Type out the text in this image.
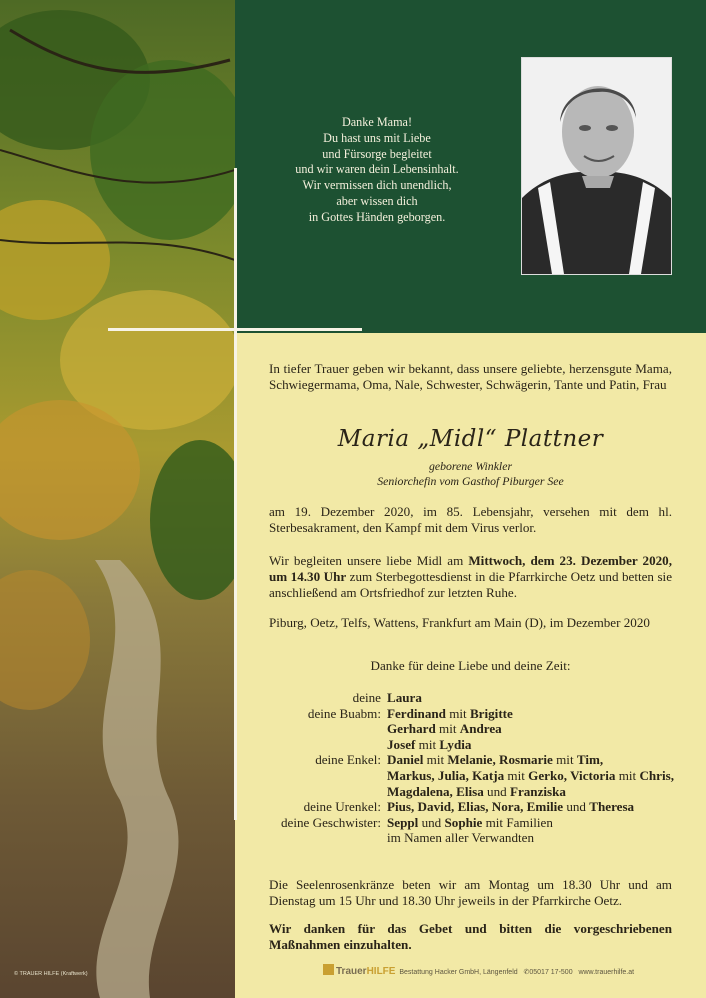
Danke Mama!
Du hast uns mit Liebe
und Fürsorge begleitet
und wir waren dein Lebensinhalt.
Wir vermissen dich unendlich,
aber wissen dich
in Gottes Händen geborgen.
In tiefer Trauer geben wir bekannt, dass unsere geliebte, herzensgute Mama, Schwiegermama, Oma, Nale, Schwester, Schwägerin, Tante und Patin, Frau
Maria „Midl“ Plattner
geborene Winkler
Seniorchefin vom Gasthof Piburger See
am 19. Dezember 2020, im 85. Lebensjahr, versehen mit dem hl. Sterbesakrament, den Kampf mit dem Virus verlor.
Wir begleiten unsere liebe Midl am Mittwoch, dem 23. Dezember 2020, um 14.30 Uhr zum Sterbegottesdienst in die Pfarrkirche Oetz und betten sie anschließend am Ortsfriedhof zur letzten Ruhe.
Piburg, Oetz, Telfs, Wattens, Frankfurt am Main (D), im Dezember 2020
Danke für deine Liebe und deine Zeit:
deine Laura
deine Buabm: Ferdinand mit Brigitte
Gerhard mit Andrea
Josef mit Lydia
deine Enkel: Daniel mit Melanie, Rosmarie mit Tim,
Markus, Julia, Katja mit Gerko, Victoria mit Chris,
Magdalena, Elisa und Franziska
deine Urenkel: Pius, David, Elias, Nora, Emilie und Theresa
deine Geschwister: Seppl und Sophie mit Familien
im Namen aller Verwandten
Die Seelenrosenkränze beten wir am Montag um 18.30 Uhr und am Dienstag um 15 Uhr und 18.30 Uhr jeweils in der Pfarrkirche Oetz.
Wir danken für das Gebet und bitten die vorgeschriebenen Maßnahmen einzuhalten.
TrauerHILFE Bestattung Hacker GmbH, Längenfeld ✆05017 17-500 www.trauerhilfe.at
© TRAUER HILFE (Kraftwerk)
